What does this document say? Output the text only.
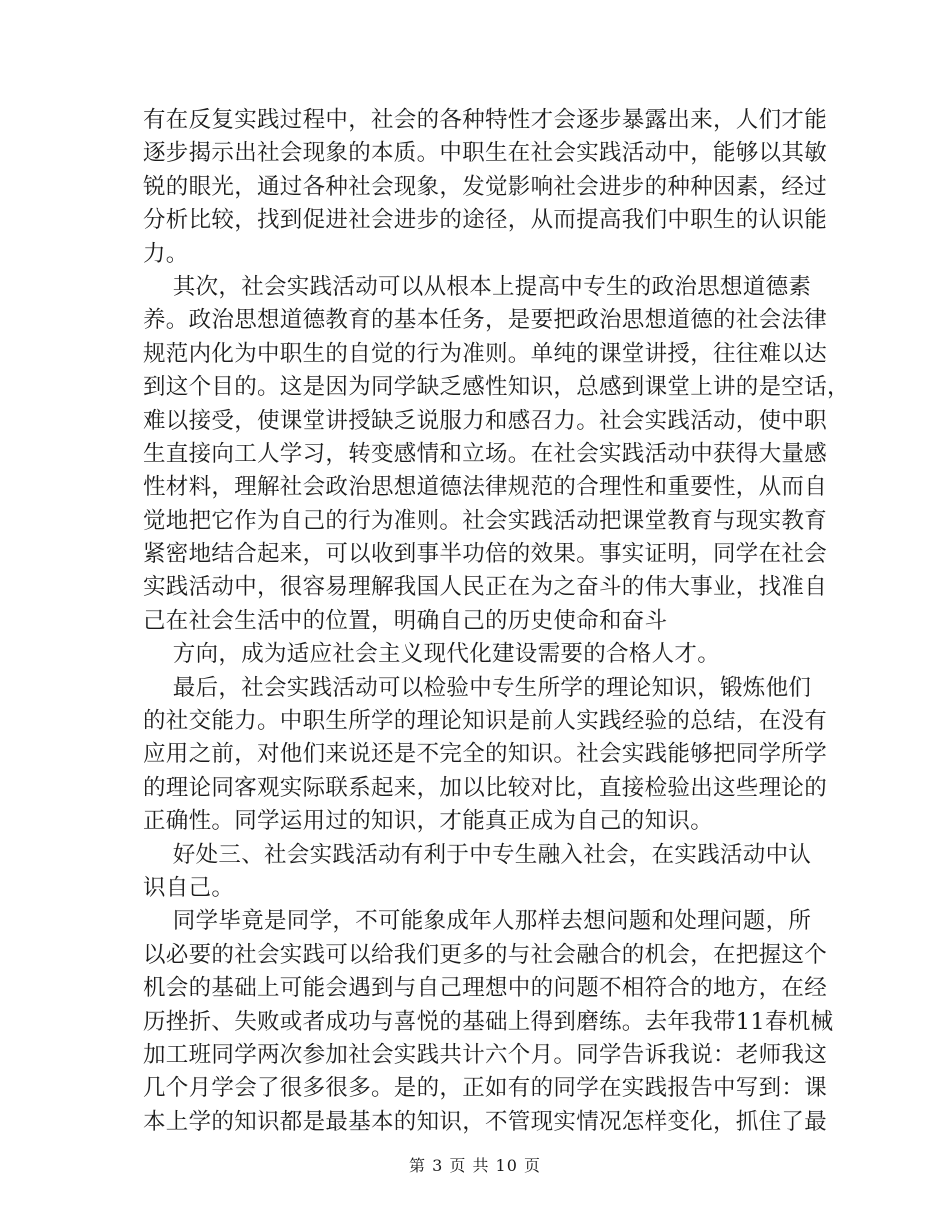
有在反复实践过程中，社会的各种特性才会逐步暴露出来，人们才能
逐步揭示出社会现象的本质。中职生在社会实践活动中，能够以其敏
锐的眼光，通过各种社会现象，发觉影响社会进步的种种因素，经过
分析比较，找到促进社会进步的途径，从而提高我们中职生的认识能
力。
其次，社会实践活动可以从根本上提高中专生的政治思想道德素
养。政治思想道德教育的基本任务，是要把政治思想道德的社会法律
规范内化为中职生的自觉的行为准则。单纯的课堂讲授，往往难以达
到这个目的。这是因为同学缺乏感性知识，总感到课堂上讲的是空话，
难以接受，使课堂讲授缺乏说服力和感召力。社会实践活动，使中职
生直接向工人学习，转变感情和立场。在社会实践活动中获得大量感
性材料，理解社会政治思想道德法律规范的合理性和重要性，从而自
觉地把它作为自己的行为准则。社会实践活动把课堂教育与现实教育
紧密地结合起来，可以收到事半功倍的效果。事实证明，同学在社会
实践活动中，很容易理解我国人民正在为之奋斗的伟大事业，找准自
己在社会生活中的位置，明确自己的历史使命和奋斗
方向，成为适应社会主义现代化建设需要的合格人才。
最后，社会实践活动可以检验中专生所学的理论知识，锻炼他们
的社交能力。中职生所学的理论知识是前人实践经验的总结，在没有
应用之前，对他们来说还是不完全的知识。社会实践能够把同学所学
的理论同客观实际联系起来，加以比较对比，直接检验出这些理论的
正确性。同学运用过的知识，才能真正成为自己的知识。
好处三、社会实践活动有利于中专生融入社会，在实践活动中认
识自己。
同学毕竟是同学，不可能象成年人那样去想问题和处理问题，所
以必要的社会实践可以给我们更多的与社会融合的机会，在把握这个
机会的基础上可能会遇到与自己理想中的问题不相符合的地方，在经
历挫折、失败或者成功与喜悦的基础上得到磨练。去年我带11春机械
加工班同学两次参加社会实践共计六个月。同学告诉我说：老师我这
几个月学会了很多很多。是的，正如有的同学在实践报告中写到：课
本上学的知识都是最基本的知识，不管现实情况怎样变化，抓住了最
第 3 页 共 10 页
